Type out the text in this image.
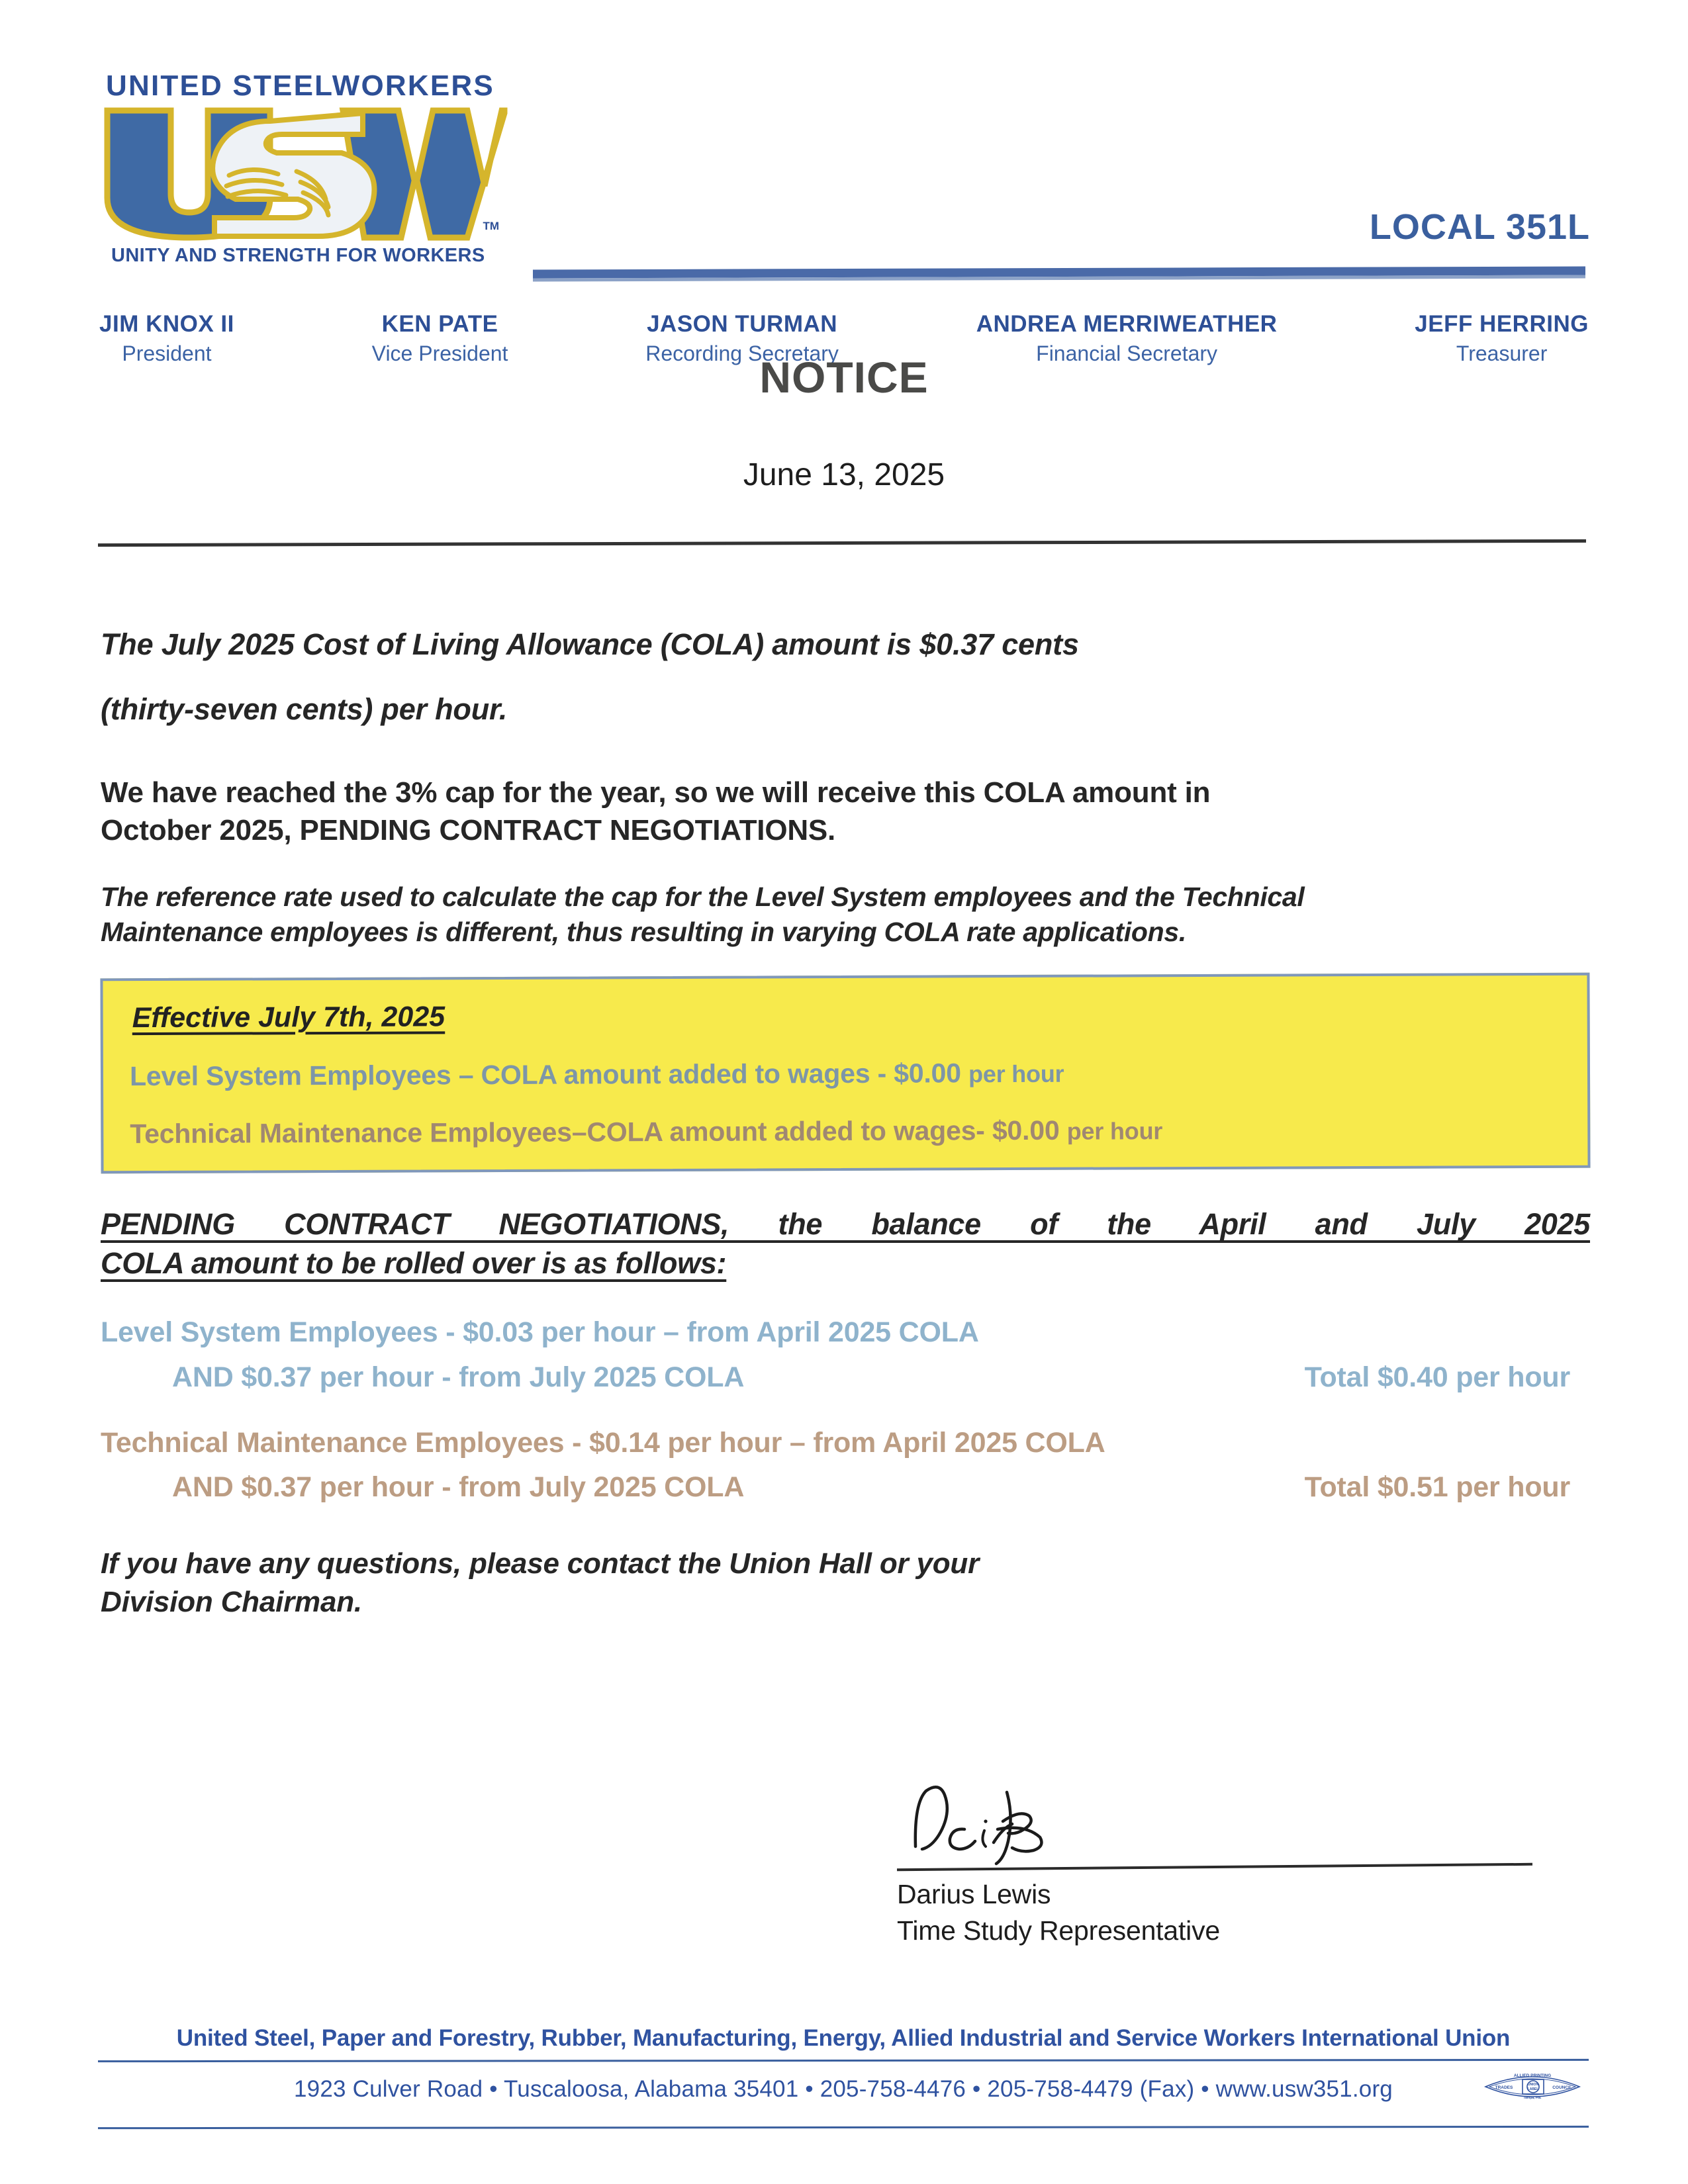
UNITED STEELWORKERS
TM
UNITY AND STRENGTH FOR WORKERS
LOCAL 351L
JIM KNOX II
President
KEN PATE
Vice President
JASON TURMAN
Recording Secretary
ANDREA MERRIWEATHER
Financial Secretary
JEFF HERRING
Treasurer
NOTICE
June 13, 2025
The July 2025 Cost of Living Allowance (COLA) amount is $0.37 cents
(thirty-seven cents) per hour.
We have reached the 3% cap for the year, so we will receive this COLA amount in
October 2025, PENDING CONTRACT NEGOTIATIONS.
The reference rate used to calculate the cap for the Level System employees and the Technical
Maintenance employees is different, thus resulting in varying COLA rate applications.
Effective July 7th, 2025
Level System Employees – COLA amount added to wages - $0.00 per hour
Technical Maintenance Employees–COLA amount added to wages- $0.00 per hour
PENDING CONTRACT NEGOTIATIONS, the balance of the April and July 2025
COLA amount to be rolled over is as follows:
Level System Employees - $0.03 per hour – from April 2025 COLA
AND $0.37 per hour - from July 2025 COLA	Total $0.40 per hour
Technical Maintenance Employees - $0.14 per hour – from April 2025 COLA
AND $0.37 per hour - from July 2025 COLA	Total $0.51 per hour
If you have any questions, please contact the Union Hall or your
Division Chairman.
Darius Lewis
Time Study Representative
United Steel, Paper and Forestry, Rubber, Manufacturing, Energy, Allied Industrial and Service Workers International Union
1923 Culver Road • Tuscaloosa, Alabama 35401 • 205-758-4476 • 205-758-4479 (Fax) • www.usw351.org
ALLIED PRINTING
TRADES	COUNCIL
UNION
LABEL
Tampa, Fla.
